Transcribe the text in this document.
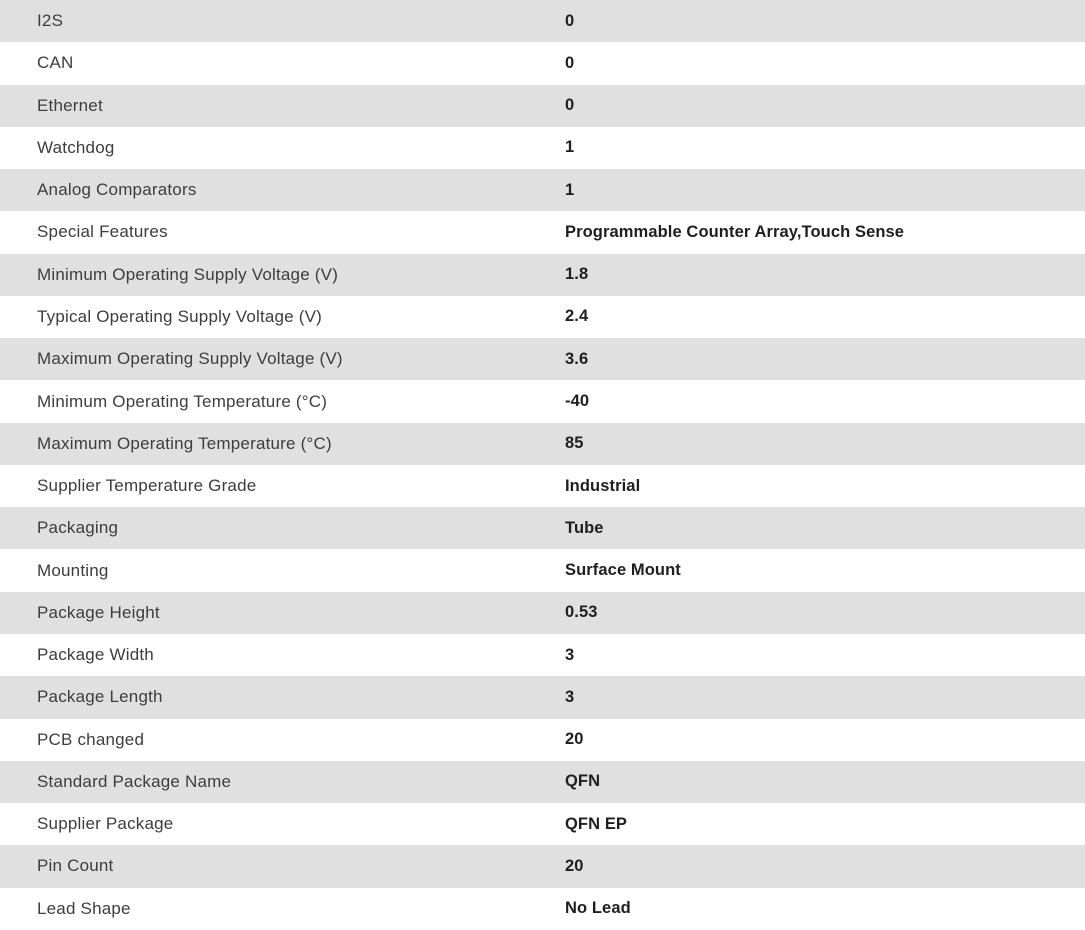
I2S	0
CAN	0
Ethernet	0
Watchdog	1
Analog Comparators	1
Special Features	Programmable Counter Array,Touch Sense
Minimum Operating Supply Voltage (V)	1.8
Typical Operating Supply Voltage (V)	2.4
Maximum Operating Supply Voltage (V)	3.6
Minimum Operating Temperature (°C)	-40
Maximum Operating Temperature (°C)	85
Supplier Temperature Grade	Industrial
Packaging	Tube
Mounting	Surface Mount
Package Height	0.53
Package Width	3
Package Length	3
PCB changed	20
Standard Package Name	QFN
Supplier Package	QFN EP
Pin Count	20
Lead Shape	No Lead
